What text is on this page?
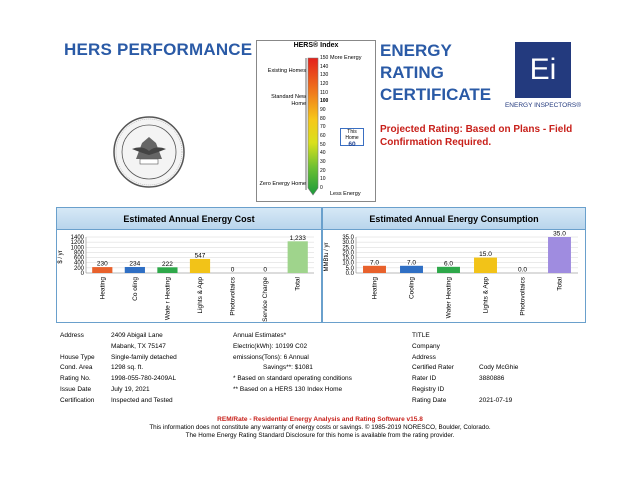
HERS PERFORMANCE	ENERGY
RATING
CERTIFICATE
Projected Rating: Based on Plans - Field Confirmation Required.
Ei
ENERGY INSPECTORS®
HERS® Index
More Energy
Less Energy
Existing Homes
Standard New Home
Zero Energy Home
150
140
130
120
110
100
90
80
70
60
50
40
30
20
10
0
This Home
60
Estimated Annual Energy Cost	Estimated Annual Energy Consumption
$ / yr
1400
1200
1000
800
600
400
200
0
230
Heating
234
Co oling
222
Wate r Heating
547
Lights & App
0
Photovoltaics
0
Service Charge
1,233
Total
MMBtu / yr
35.0
30.0
25.0
20.0
15.0
10.0
5.0
0.0
7.0
Heating
7.0
Cooling
6.0
Water Heating
15.0
Lights & App
0.0
Photovoltaics
35.0
Total
Address

House Type
Cond. Area
Rating No.
Issue Date
Certification
2409 Abigail Lane
Mabank, TX 75147
Single-family detached
1298 sq. ft.
1998-055-780-2409AL
July 19, 2021
Inspected and Tested
Annual Estimates*
Electric(kWh): 10199 C02
emissions(Tons): 6 Annual
Savings**: $1081
* Based on standard operating conditions
** Based on a HERS 130 Index Home
TITLE
Company
Address
Certified Rater
Rater ID
Registry ID
Rating Date

Cody McGhie
3880886

2021-07-19
REM/Rate - Residential Energy Analysis and Rating Software v15.8
This information does not constitute any warranty of energy costs or savings. © 1985-2019 NORESCO, Boulder, Colorado.
The Home Energy Rating Standard Disclosure for this home is available from the rating provider.
